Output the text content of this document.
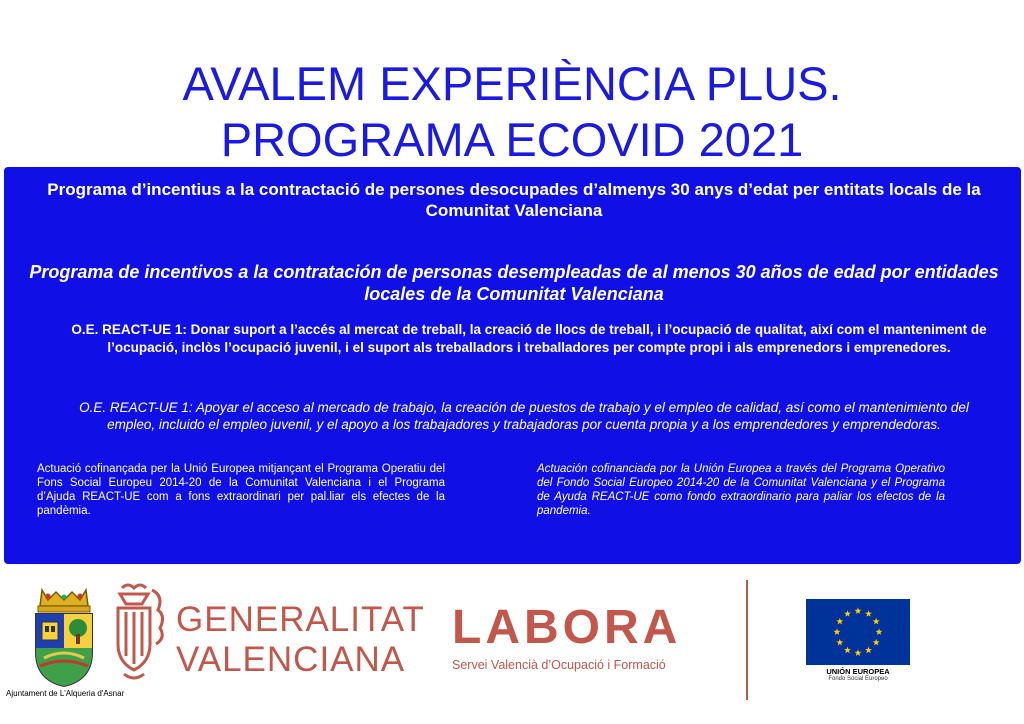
AVALEM EXPERIÈNCIA PLUS.
PROGRAMA ECOVID 2021
Programa d’incentius a la contractació de persones desocupades d’almenys 30 anys d’edat per entitats locals de la Comunitat Valenciana
Programa de incentivos a la contratación de personas desempleadas de al menos 30 años de edad por entidades locales de la Comunitat Valenciana
O.E. REACT-UE 1: Donar suport a l’accés al mercat de treball, la creació de llocs de treball, i l’ocupació de qualitat, així com el manteniment de l’ocupació, inclòs l’ocupació juvenil, i el suport als treballadors i treballadores per compte propi i als emprenedors i emprenedores.
O.E. REACT-UE 1: Apoyar el acceso al mercado de trabajo, la creación de puestos de trabajo y el empleo de calidad, así como el mantenimiento del empleo, incluido el empleo juvenil, y el apoyo a los trabajadores y trabajadoras por cuenta propia y a los emprendedores y emprendedoras.
Actuació cofinançada per la Unió Europea mitjançant el Programa Operatiu del Fons Social Europeu 2014-20 de la Comunitat Valenciana i el Programa d’Ajuda REACT-UE com a fons extraordinari per pal.liar els efectes de la pandèmia.
Actuación cofinanciada por la Unión Europea a través del Programa Operativo del Fondo Social Europeo 2014-20 de la Comunitat Valenciana y el Programa de Ayuda REACT-UE como fondo extraordinario para paliar los efectos de la pandemia.
Ajuntament de L'Alqueria d'Asnar
GENERALITAT
VALENCIANA
LABORA
Servei Valencià d’Ocupació i Formació	UNIÓN EUROPEA
Fondo Social Europeo
